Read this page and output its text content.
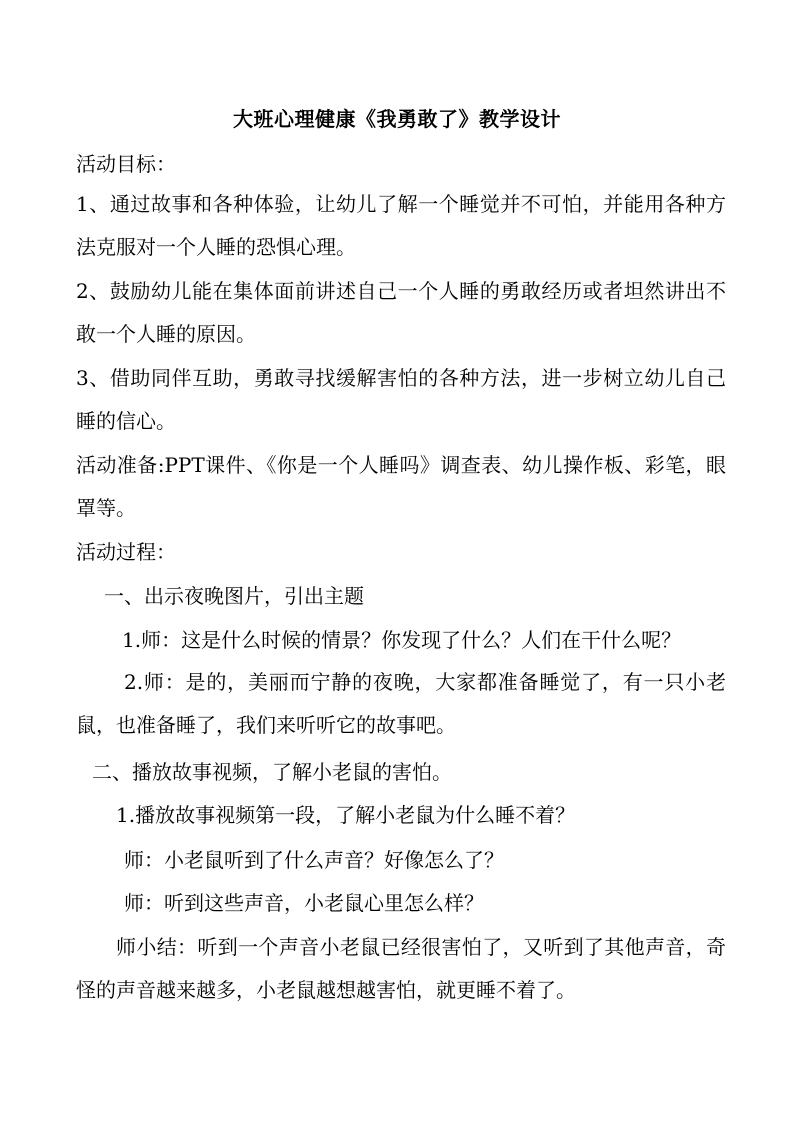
大班心理健康《我勇敢了》教学设计
活动目标：
1、通过故事和各种体验，让幼儿了解一个睡觉并不可怕，并能用各种方法克服对一个人睡的恐惧心理。
2、鼓励幼儿能在集体面前讲述自己一个人睡的勇敢经历或者坦然讲出不敢一个人睡的原因。
3、借助同伴互助，勇敢寻找缓解害怕的各种方法，进一步树立幼儿自己睡的信心。
活动准备:PPT课件、《你是一个人睡吗》调查表、幼儿操作板、彩笔，眼罩等。
活动过程：
一、出示夜晚图片，引出主题
1.师：这是什么时候的情景？你发现了什么？人们在干什么呢？
2.师：是的，美丽而宁静的夜晚，大家都准备睡觉了，有一只小老鼠，也准备睡了，我们来听听它的故事吧。
二、播放故事视频，了解小老鼠的害怕。
1.播放故事视频第一段，了解小老鼠为什么睡不着？
师：小老鼠听到了什么声音？好像怎么了？
师：听到这些声音，小老鼠心里怎么样？
师小结：听到一个声音小老鼠已经很害怕了，又听到了其他声音，奇怪的声音越来越多，小老鼠越想越害怕，就更睡不着了。
